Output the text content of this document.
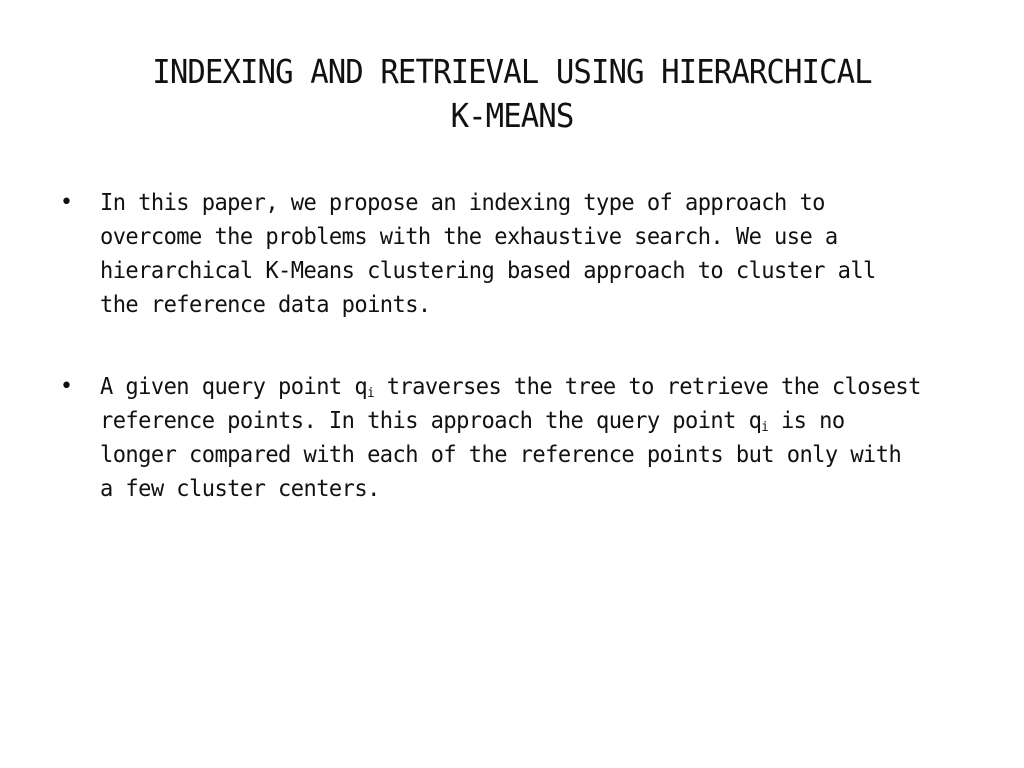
INDEXING AND RETRIEVAL USING HIERARCHICAL
K-MEANS
• In this paper, we propose an indexing type of approach to overcome the problems with the exhaustive search. We use a hierarchical K-Means clustering based approach to cluster all the reference data points.
• A given query point $q_i$ traverses the tree to retrieve the closest reference points. In this approach the query point $q_i$ is no longer compared with each of the reference points but only with a few cluster centers.
